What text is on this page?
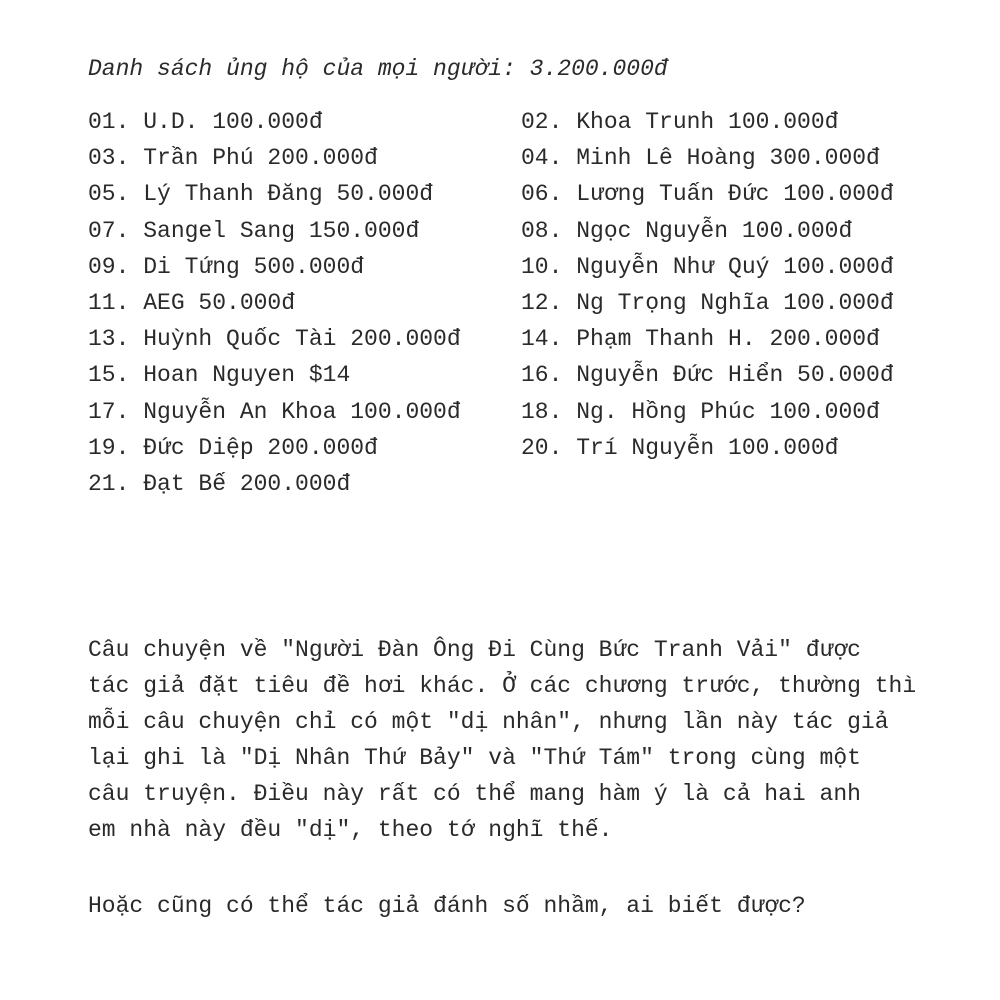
Danh sách ủng hộ của mọi người: 3.200.000đ
01. U.D. 100.000đ
03. Trần Phú 200.000đ
05. Lý Thanh Đăng 50.000đ
07. Sangel Sang 150.000đ
09. Di Tứng 500.000đ
11. AEG 50.000đ
13. Huỳnh Quốc Tài 200.000đ
15. Hoan Nguyen $14
17. Nguyễn An Khoa 100.000đ
19. Đức Diệp 200.000đ
21. Đạt Bế 200.000đ
02. Khoa Trunh 100.000đ
04. Minh Lê Hoàng 300.000đ
06. Lương Tuấn Đức 100.000đ
08. Ngọc Nguyễn 100.000đ
10. Nguyễn Như Quý 100.000đ
12. Ng Trọng Nghĩa 100.000đ
14. Phạm Thanh H. 200.000đ
16. Nguyễn Đức Hiển 50.000đ
18. Ng. Hồng Phúc 100.000đ
20. Trí Nguyễn 100.000đ
Câu chuyện về "Người Đàn Ông Đi Cùng Bức Tranh Vải" được
tác giả đặt tiêu đề hơi khác. Ở các chương trước, thường thì
mỗi câu chuyện chỉ có một "dị nhân", nhưng lần này tác giả
lại ghi là "Dị Nhân Thứ Bảy" và "Thứ Tám" trong cùng một
câu truyện. Điều này rất có thể mang hàm ý là cả hai anh
em nhà này đều "dị", theo tớ nghĩ thế.
Hoặc cũng có thể tác giả đánh số nhầm, ai biết được?
